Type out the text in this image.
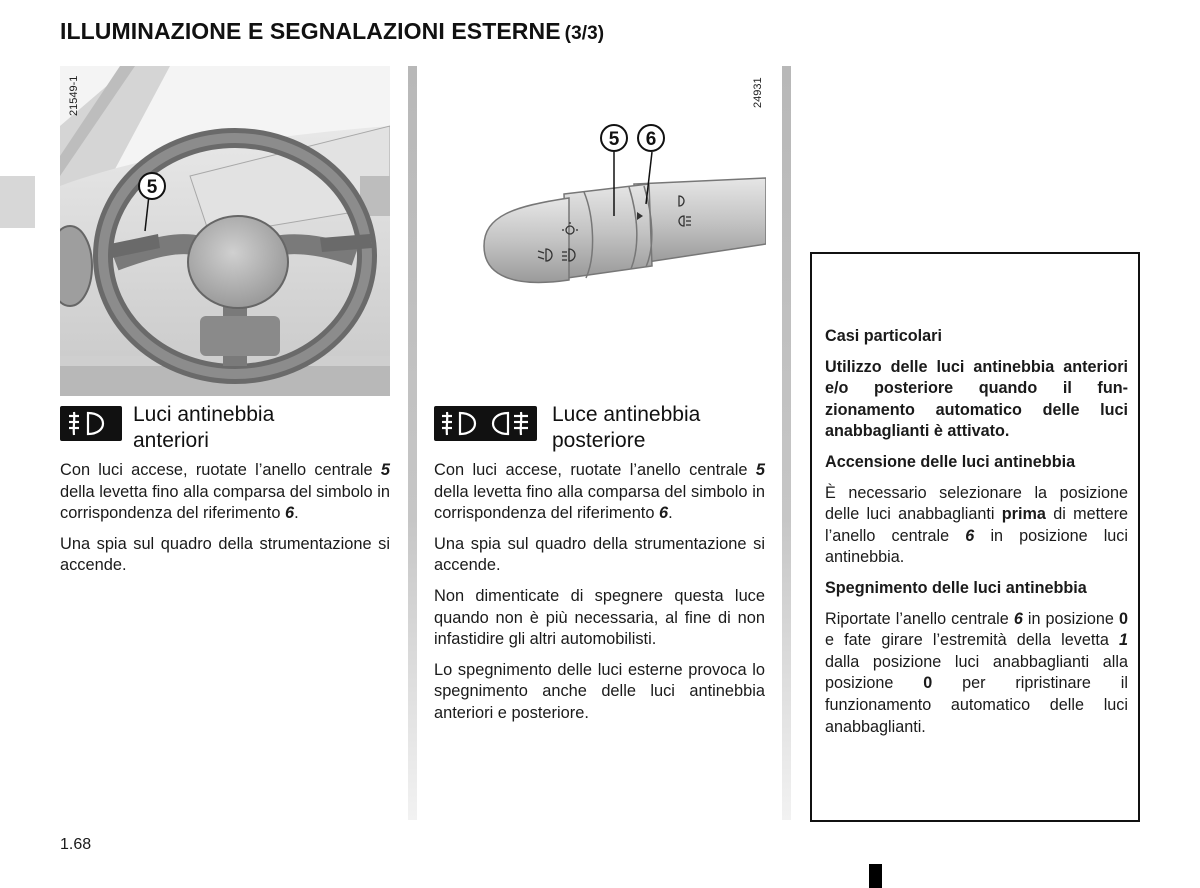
ILLUMINAZIONE E SEGNALAZIONI ESTERNE (3/3)
5
21549-1
5 6
24931
Luci antinebbia
anteriori

Con luci accese, ruotate l’anello centrale 5 della levetta fino alla comparsa del simbolo in corrispondenza del riferimento 6.

Una spia sul quadro della strumentazione si accende.

Luce antinebbia
posteriore

Con luci accese, ruotate l’anello centrale 5 della levetta fino alla comparsa del simbolo in corrispondenza del riferimento 6.

Una spia sul quadro della strumentazione si accende.

Non dimenticate di spegnere questa luce quando non è più necessaria, al fine di non infastidire gli altri automobilisti.

Lo spegnimento delle luci esterne provoca lo spegnimento anche delle luci antinebbia anteriori e posteriore.

Casi particolari

Utilizzo delle luci antinebbia anteriori e/o posteriore quando il funzionamento automatico delle luci anabbaglianti è attivato.

Accensione delle luci antinebbia

È necessario selezionare la posizione delle luci anabbaglianti prima di mettere l’anello centrale 6 in posizione luci antinebbia.

Spegnimento delle luci antinebbia

Riportate l’anello centrale 6 in posizione 0 e fate girare l’estremità della levetta 1 dalla posizione luci anabbaglianti alla posizione 0 per ripristinare il funzionamento automatico delle luci anabbaglianti.

1.68
